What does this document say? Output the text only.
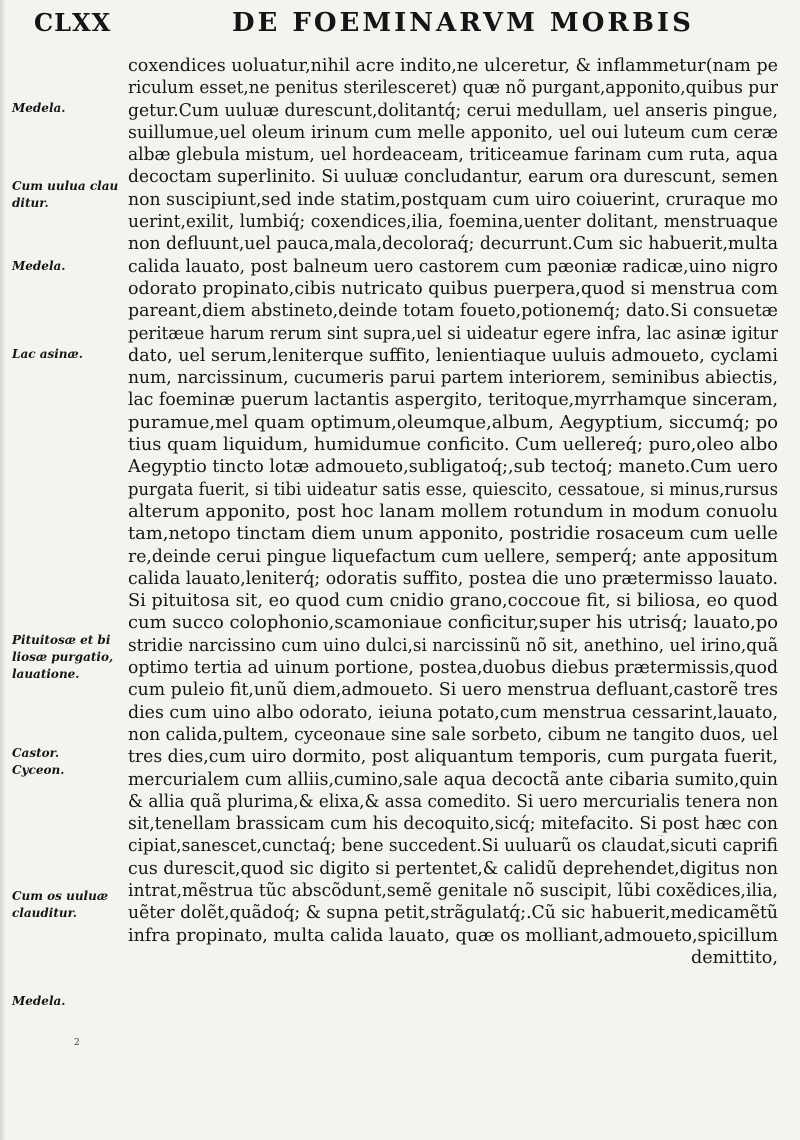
CLXX	DE FOEMINARVM MORBIS
Medela.
Cum uulua clau
ditur.
Medela.
Lac asinæ.
Pituitosæ et bi
liosæ purgatio,
lauatione.
Castor.
Cyceon.
Cum os uuluæ
clauditur.
Medela.
coxendices uoluatur,nihil acre indito,ne ulceretur, & inflammetur(nam pe
riculum esset,ne penitus sterilesceret) quæ nõ purgant,apponito,quibus pur
getur.Cum uuluæ durescunt,dolitantq́; cerui medullam, uel anseris pingue,
suillumue,uel oleum irinum cum melle apponito, uel oui luteum cum ceræ
albæ glebula mistum, uel hordeaceam, triticeamue farinam cum ruta, aqua
decoctam superlinito. Si uuluæ concludantur, earum ora durescunt, semen
non suscipiunt,sed inde statim,postquam cum uiro coiuerint, cruraque mo
uerint,exilit, lumbiq́; coxendices,ilia, foemina,uenter dolitant, menstruaque
non defluunt,uel pauca,mala,decoloraq́; decurrunt.Cum sic habuerit,multa
calida lauato, post balneum uero castorem cum pæoniæ radicæ,uino nigro
odorato propinato,cibis nutricato quibus puerpera,quod si menstrua com
pareant,diem abstineto,deinde totam foueto,potionemq́; dato.Si consuetæ
peritæue harum rerum sint supra,uel si uideatur egere infra, lac asinæ igitur
dato, uel serum,leniterque suffito, lenientiaque uuluis admoueto, cyclami
num, narcissinum, cucumeris parui partem interiorem, seminibus abiectis,
lac foeminæ puerum lactantis aspergito, teritoque,myrrhamque sinceram,
puramue,mel quam optimum,oleumque,album, Aegyptium, siccumq́; po
tius quam liquidum, humidumue conficito. Cum uellereq́; puro,oleo albo
Aegyptio tincto lotæ admoueto,subligatoq́;,sub tectoq́; maneto.Cum uero
purgata fuerit, si tibi uideatur satis esse, quiescito, cessatoue, si minus,rursus
alterum apponito, post hoc lanam mollem rotundum in modum conuolu
tam,netopo tinctam diem unum apponito, postridie rosaceum cum uelle
re,deinde cerui pingue liquefactum cum uellere, semperq́; ante appositum
calida lauato,leniterq́; odoratis suffito, postea die uno prætermisso lauato.
Si pituitosa sit, eo quod cum cnidio grano,coccoue fit, si biliosa, eo quod
cum succo colophonio,scamoniaue conficitur,super his utrisq́; lauato,po
stridie narcissino cum uino dulci,si narcissinũ nõ sit, anethino, uel irino,quã
optimo tertia ad uinum portione, postea,duobus diebus prætermissis,quod
cum puleio fit,unũ diem,admoueto. Si uero menstrua defluant,castorẽ tres
dies cum uino albo odorato, ieiuna potato,cum menstrua cessarint,lauato,
non calida,pultem, cyceonaue sine sale sorbeto, cibum ne tangito duos, uel
tres dies,cum uiro dormito, post aliquantum temporis, cum purgata fuerit,
mercurialem cum alliis,cumino,sale aqua decoctã ante cibaria sumito,quin
& allia quã plurima,& elixa,& assa comedito. Si uero mercurialis tenera non
sit,tenellam brassicam cum his decoquito,sicq́; mitefacito. Si post hæc con
cipiat,sanescet,cunctaq́; bene succedent.Si uuluarũ os claudat̃,sicuti caprifi
cus durescit,quod sic digito si pertentet,& calidũ deprehendet,digitus non
intrat,mẽstrua tũc abscõdunt̃,semẽ genitale nõ suscipit, lũbi coxẽdices,ilia,
uẽter dolẽt,quãdoq́; & supna petit,strãgulatq́;.Cũ sic habuerit,medicamẽtũ
infra propinato, multa calida lauato, quæ os molliant,admoueto,spicillum
demittito,
2
